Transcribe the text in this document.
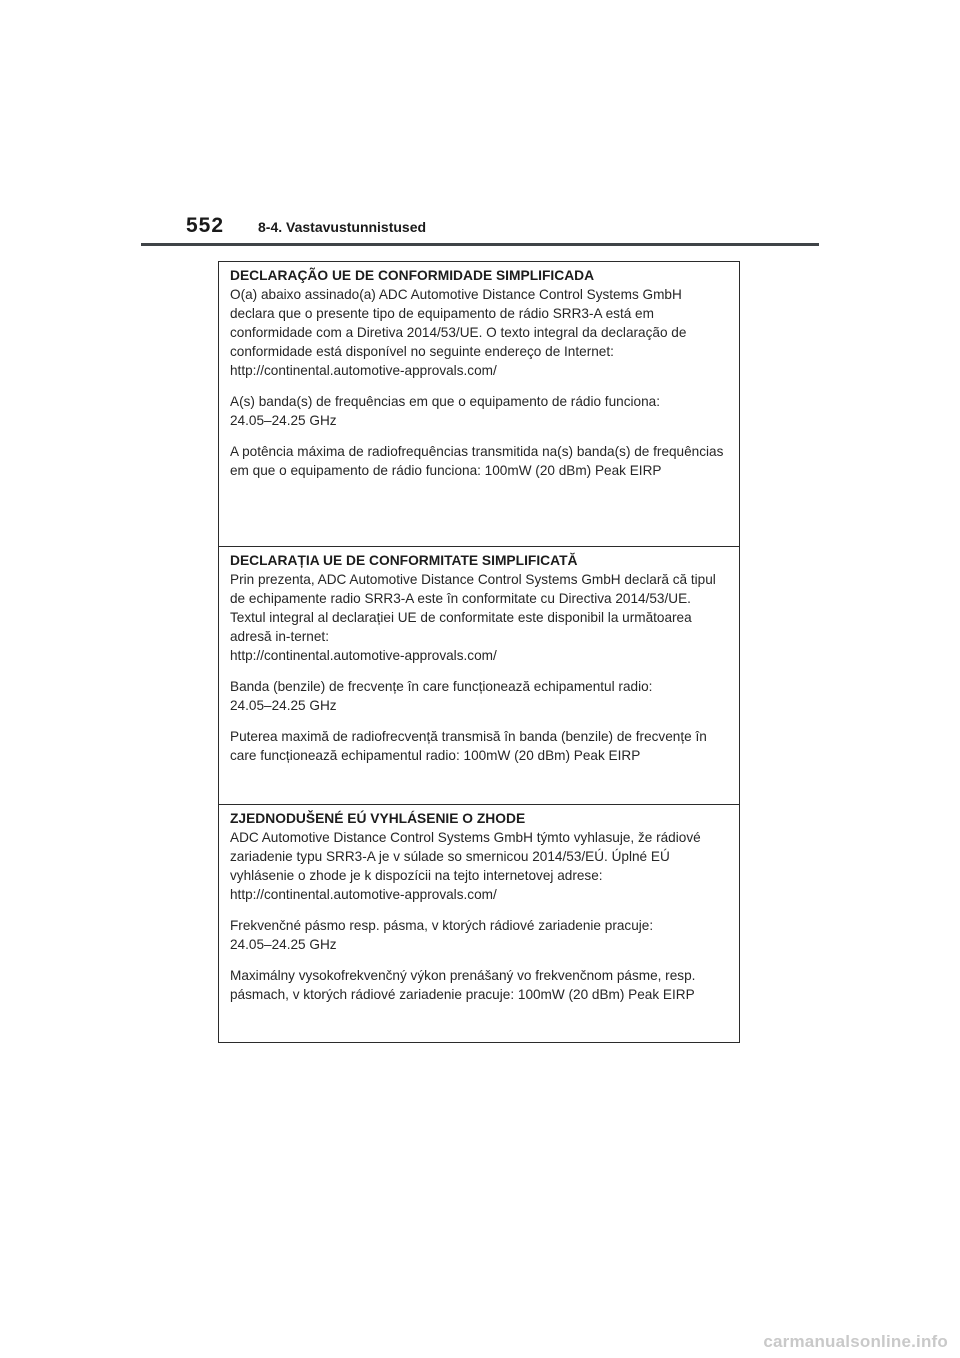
552 8-4. Vastavustunnistused
DECLARAÇÃO UE DE CONFORMIDADE SIMPLIFICADA

O(a) abaixo assinado(a) ADC Automotive Distance Control Systems GmbH declara que o presente tipo de equipamento de rádio SRR3-A está em conformidade com a Diretiva 2014/53/UE. O texto integral da declaração de conformidade está disponível no seguinte endereço de Internet:

http://continental.automotive-approvals.com/

A(s) banda(s) de frequências em que o equipamento de rádio funciona:

24.05–24.25 GHz

A potência máxima de radiofrequências transmitida na(s) banda(s) de frequências em que o equipamento de rádio funciona: 100mW (20 dBm) Peak EIRP

DECLARAȚIA UE DE CONFORMITATE SIMPLIFICATĂ

Prin prezenta, ADC Automotive Distance Control Systems GmbH declară că tipul de echipamente radio SRR3-A este în conformitate cu Directiva 2014/53/UE. Textul integral al declarației UE de conformitate este disponibil la următoarea adresă in-ternet:

http://continental.automotive-approvals.com/

Banda (benzile) de frecvențe în care funcționează echipamentul radio:

24.05–24.25 GHz

Puterea maximă de radiofrecvență transmisă în banda (benzile) de frecvențe în care funcționează echipamentul radio: 100mW (20 dBm) Peak EIRP

ZJEDNODUŠENÉ EÚ VYHLÁSENIE O ZHODE

ADC Automotive Distance Control Systems GmbH týmto vyhlasuje, že rádiové zariadenie typu SRR3-A je v súlade so smernicou 2014/53/EÚ. Úplné EÚ vyhlásenie o zhode je k dispozícii na tejto internetovej adrese:

http://continental.automotive-approvals.com/

Frekvenčné pásmo resp. pásma, v ktorých rádiové zariadenie pracuje:

24.05–24.25 GHz

Maximálny vysokofrekvenčný výkon prenášaný vo frekvenčnom pásme, resp. pásmach, v ktorých rádiové zariadenie pracuje: 100mW (20 dBm) Peak EIRP

carmanualsonline.info
